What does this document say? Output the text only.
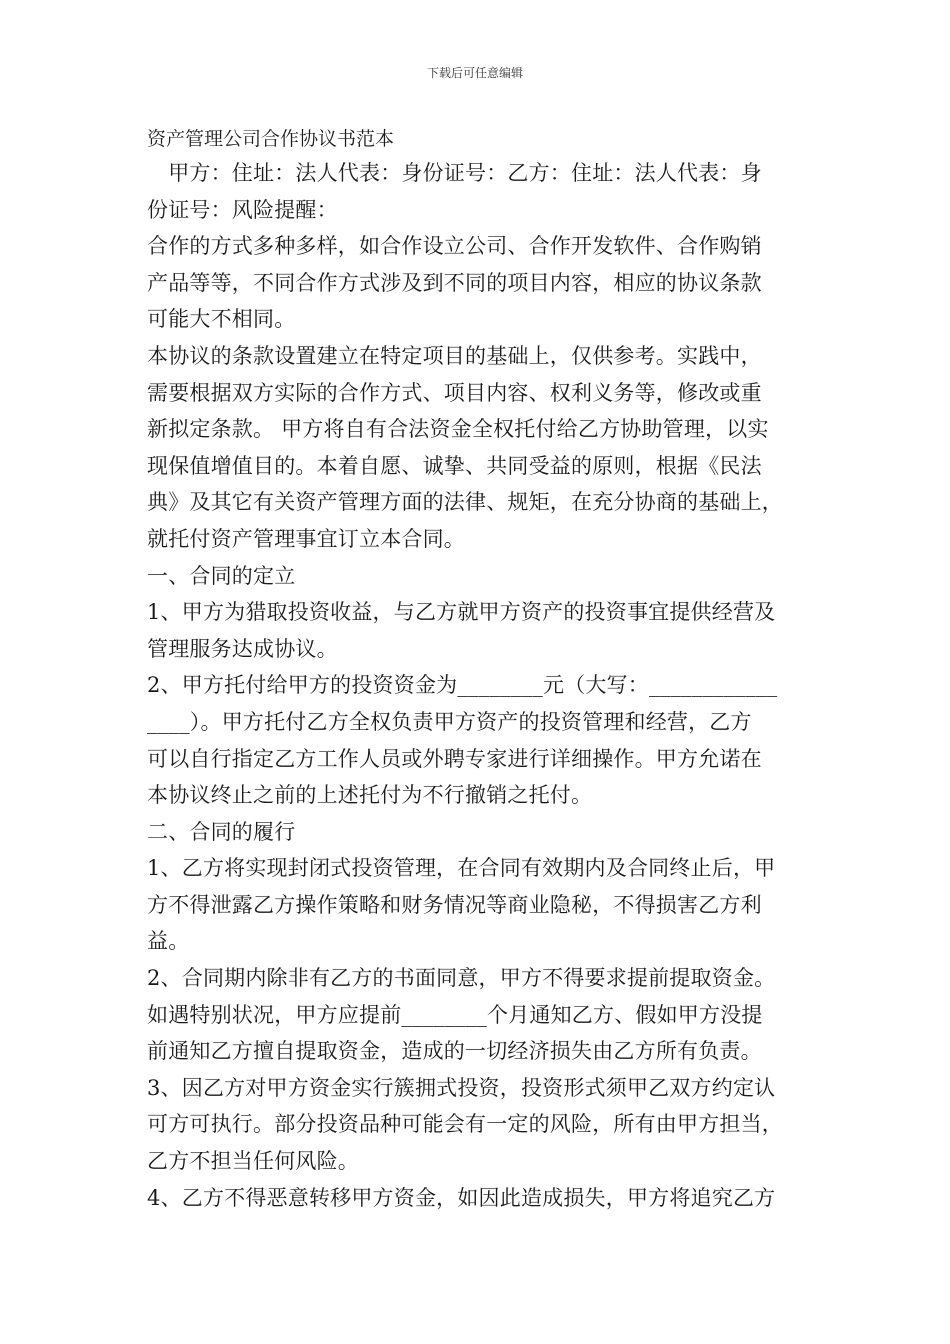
下载后可任意编辑
资产管理公司合作协议书范本
　甲方：住址：法人代表：身份证号：乙方：住址：法人代表：身
份证号：风险提醒：
合作的方式多种多样，如合作设立公司、合作开发软件、合作购销
产品等等，不同合作方式涉及到不同的项目内容，相应的协议条款
可能大不相同。
本协议的条款设置建立在特定项目的基础上，仅供参考。实践中，
需要根据双方实际的合作方式、项目内容、权利义务等，修改或重
新拟定条款。 甲方将自有合法资金全权托付给乙方协助管理，以实
现保值增值目的。本着自愿、诚挚、共同受益的原则，根据《民法
典》及其它有关资产管理方面的法律、规矩，在充分协商的基础上，
就托付资产管理事宜订立本合同。
一、合同的定立
1、甲方为猎取投资收益，与乙方就甲方资产的投资事宜提供经营及
管理服务达成协议。
2、甲方托付给甲方的投资资金为________元（大写：____________
____）。甲方托付乙方全权负责甲方资产的投资管理和经营，乙方
可以自行指定乙方工作人员或外聘专家进行详细操作。甲方允诺在
本协议终止之前的上述托付为不行撤销之托付。
二、合同的履行
1、乙方将实现封闭式投资管理，在合同有效期内及合同终止后，甲
方不得泄露乙方操作策略和财务情况等商业隐秘，不得损害乙方利
益。
2、合同期内除非有乙方的书面同意，甲方不得要求提前提取资金。
如遇特别状况，甲方应提前________个月通知乙方、假如甲方没提
前通知乙方擅自提取资金，造成的一切经济损失由乙方所有负责。
3、因乙方对甲方资金实行簇拥式投资，投资形式须甲乙双方约定认
可方可执行。部分投资品种可能会有一定的风险，所有由甲方担当，
乙方不担当任何风险。
4、乙方不得恶意转移甲方资金，如因此造成损失，甲方将追究乙方
